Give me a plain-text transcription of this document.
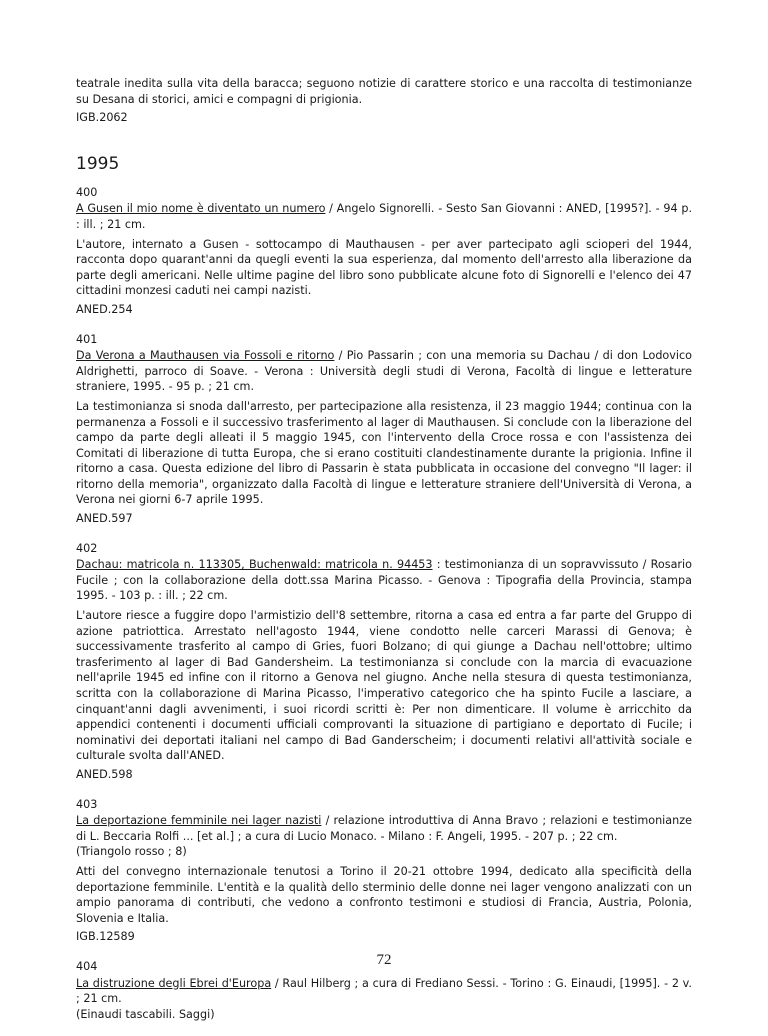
teatrale inedita sulla vita della baracca; seguono notizie di carattere storico e una raccolta di testimonianze su Desana di storici, amici e compagni di prigionia.

IGB.2062

1995

400

A Gusen il mio nome è diventato un numero / Angelo Signorelli. - Sesto San Giovanni : ANED, [1995?]. - 94 p. : ill. ; 21 cm.

L'autore, internato a Gusen - sottocampo di Mauthausen - per aver partecipato agli scioperi del 1944, racconta dopo quarant'anni da quegli eventi la sua esperienza, dal momento dell'arresto alla liberazione da parte degli americani. Nelle ultime pagine del libro sono pubblicate alcune foto di Signorelli e l'elenco dei 47 cittadini monzesi caduti nei campi nazisti.

ANED.254

401

Da Verona a Mauthausen via Fossoli e ritorno / Pio Passarin ; con una memoria su Dachau / di don Lodovico Aldrighetti, parroco di Soave. - Verona : Università degli studi di Verona, Facoltà di lingue e letterature straniere, 1995. - 95 p. ; 21 cm.

La testimonianza si snoda dall'arresto, per partecipazione alla resistenza, il 23 maggio 1944; continua con la permanenza a Fossoli e il successivo trasferimento al lager di Mauthausen. Si conclude con la liberazione del campo da parte degli alleati il 5 maggio 1945, con l'intervento della Croce rossa e con l'assistenza dei Comitati di liberazione di tutta Europa, che si erano costituiti clandestinamente durante la prigionia. Infine il ritorno a casa. Questa edizione del libro di Passarin è stata pubblicata in occasione del convegno "Il lager: il ritorno della memoria", organizzato dalla Facoltà di lingue e letterature straniere dell'Università di Verona, a Verona nei giorni 6-7 aprile 1995.

ANED.597

402

Dachau: matricola n. 113305, Buchenwald: matricola n. 94453 : testimonianza di un sopravvissuto / Rosario Fucile ; con la collaborazione della dott.ssa Marina Picasso. - Genova : Tipografia della Provincia, stampa 1995. - 103 p. : ill. ; 22 cm.

L'autore riesce a fuggire dopo l'armistizio dell'8 settembre, ritorna a casa ed entra a far parte del Gruppo di azione patriottica. Arrestato nell'agosto 1944, viene condotto nelle carceri Marassi di Genova; è successivamente trasferito al campo di Gries, fuori Bolzano; di qui giunge a Dachau nell'ottobre; ultimo trasferimento al lager di Bad Gandersheim. La testimonianza si conclude con la marcia di evacuazione nell'aprile 1945 ed infine con il ritorno a Genova nel giugno. Anche nella stesura di questa testimonianza, scritta con la collaborazione di Marina Picasso, l'imperativo categorico che ha spinto Fucile a lasciare, a cinquant'anni dagli avvenimenti, i suoi ricordi scritti è: Per non dimenticare. Il volume è arricchito da appendici contenenti i documenti ufficiali comprovanti la situazione di partigiano e deportato di Fucile; i nominativi dei deportati italiani nel campo di Bad Ganderscheim; i documenti relativi all'attività sociale e culturale svolta dall'ANED.

ANED.598

403

La deportazione femminile nei lager nazisti / relazione introduttiva di Anna Bravo ; relazioni e testimonianze di L. Beccaria Rolfi ... [et al.] ; a cura di Lucio Monaco. - Milano : F. Angeli, 1995. - 207 p. ; 22 cm.

(Triangolo rosso ; 8)

Atti del convegno internazionale tenutosi a Torino il 20-21 ottobre 1994, dedicato alla specificità della deportazione femminile. L'entità e la qualità dello sterminio delle donne nei lager vengono analizzati con un ampio panorama di contributi, che vedono a confronto testimoni e studiosi di Francia, Austria, Polonia, Slovenia e Italia.

IGB.12589

404

La distruzione degli Ebrei d'Europa / Raul Hilberg ; a cura di Frediano Sessi. - Torino : G. Einaudi, [1995]. - 2 v. ; 21 cm.

(Einaudi tascabili. Saggi)

72
